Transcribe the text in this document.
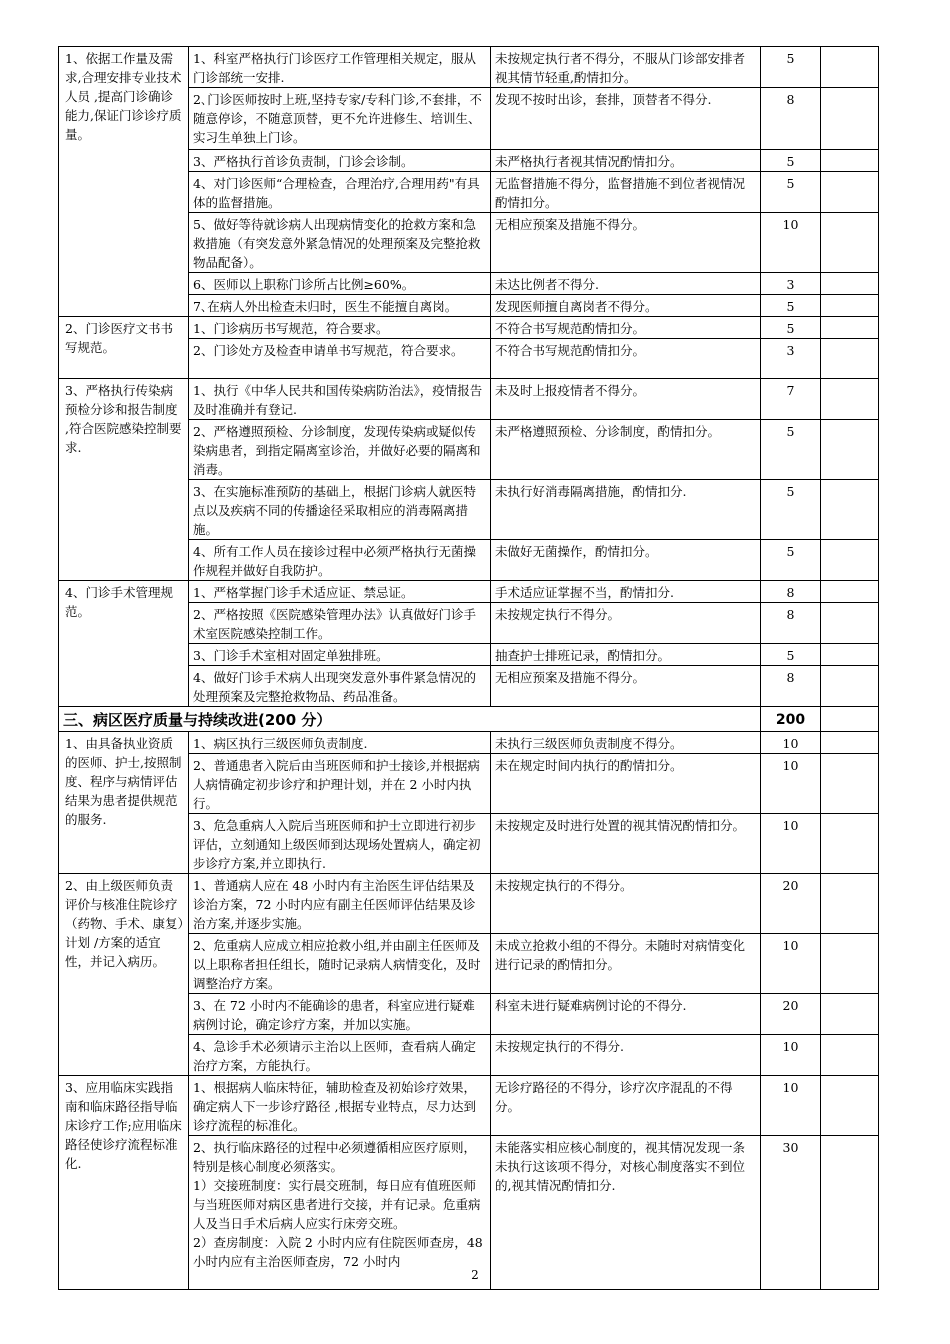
1、依据工作量及需求,合理安排专业技术人员 ,提高门诊确诊能力,保证门诊诊疗质量。	1、科室严格执行门诊医疗工作管理相关规定，服从门诊部统一安排.	未按规定执行者不得分，不服从门诊部安排者视其情节轻重,酌情扣分。	5	
	2､门诊医师按时上班,坚持专家/专科门诊,不套排，不随意停诊，不随意顶替，更不允许进修生、培训生、实习生单独上门诊。	发现不按时出诊，套排，顶替者不得分.	8	
	3、严格执行首诊负责制，门诊会诊制。	未严格执行者视其情况酌情扣分。	5	
	4、对门诊医师“合理检查，合理治疗,合理用药"有具体的监督措施。	无监督措施不得分，监督措施不到位者视情况酌情扣分。	5	
	5、做好等待就诊病人出现病情变化的抢救方案和急救措施（有突发意外紧急情况的处理预案及完整抢救物品配备）。	无相应预案及措施不得分。	10	
	6、医师以上职称门诊所占比例≥60%。	未达比例者不得分.	3	
	7､在病人外出检查未归时，医生不能擅自离岗。	发现医师擅自离岗者不得分。	5	
2、门诊医疗文书书写规范。	1、门诊病历书写规范，符合要求。	不符合书写规范酌情扣分。	5	
	2、门诊处方及检查申请单书写规范，符合要求。	不符合书写规范酌情扣分。	3	
3、严格执行传染病预检分诊和报告制度 ,符合医院感染控制要求.	1、执行《中华人民共和国传染病防治法》，疫情报告及时准确并有登记.	未及时上报疫情者不得分。	7	
	2、严格遵照预检、分诊制度，发现传染病或疑似传染病患者，到指定隔离室诊治，并做好必要的隔离和消毒。	未严格遵照预检、分诊制度，酌情扣分。	5	
	3、在实施标准预防的基础上，根据门诊病人就医特点以及疾病不同的传播途径采取相应的消毒隔离措施。	未执行好消毒隔离措施，酌情扣分.	5	
	4、所有工作人员在接诊过程中必须严格执行无菌操作规程并做好自我防护。	未做好无菌操作，酌情扣分。	5	
4、门诊手术管理规范。	1、严格掌握门诊手术适应证、禁忌证。	手术适应证掌握不当，酌情扣分.	8	
	2、严格按照《医院感染管理办法》认真做好门诊手术室医院感染控制工作。	未按规定执行不得分。	8	
	3、门诊手术室相对固定单独排班。	抽查护士排班记录，酌情扣分。	5	
	4、做好门诊手术病人出现突发意外事件紧急情况的处理预案及完整抢救物品、药品准备。	无相应预案及措施不得分。	8	
三、病区医疗质量与持续改进(200 分）			200	
1、由具备执业资质的医师、护士,按照制度、程序与病情评估结果为患者提供规范的服务.	1、病区执行三级医师负责制度.	未执行三级医师负责制度不得分。	10	
	2、普通患者入院后由当班医师和护士接诊,并根据病人病情确定初步诊疗和护理计划，并在 2 小时内执行。	未在规定时间内执行的酌情扣分。	10	
	3、危急重病人入院后当班医师和护士立即进行初步评估，立刻通知上级医师到达现场处置病人，确定初步诊疗方案,并立即执行.	未按规定及时进行处置的视其情况酌情扣分。	10	
2、由上级医师负责评价与核准住院诊疗（药物、手术、康复）计划 /方案的适宜性，并记入病历。	1、普通病人应在 48 小时内有主治医生评估结果及诊治方案，72 小时内应有副主任医师评估结果及诊治方案,并逐步实施。	未按规定执行的不得分。	20	
	2、危重病人应成立相应抢救小组,并由副主任医师及以上职称者担任组长，随时记录病人病情变化，及时调整治疗方案。	未成立抢救小组的不得分。未随时对病情变化进行记录的酌情扣分。	10	
	3、在 72 小时内不能确诊的患者，科室应进行疑难病例讨论，确定诊疗方案，并加以实施。	科室未进行疑难病例讨论的不得分.	20	
	4、急诊手术必须请示主治以上医师，查看病人确定治疗方案，方能执行。	未按规定执行的不得分.	10	
3、应用临床实践指南和临床路径指导临床诊疗工作;应用临床路径使诊疗流程标准化.	1、根据病人临床特征，辅助检查及初始诊疗效果，确定病人下一步诊疗路径 ,根据专业特点，尽力达到诊疗流程的标准化。	无诊疗路径的不得分，诊疗次序混乱的不得分。	10	

	2、执行临床路径的过程中必须遵循相应医疗原则，特别是核心制度必须落实。
1）交接班制度：实行晨交班制，每日应有值班医师与当班医师对病区患者进行交接，并有记录。危重病人及当日手术后病人应实行床旁交班。
2）查房制度：入院 2 小时内应有住院医师查房，48 小时内应有主治医师查房，72 小时内	未能落实相应核心制度的，视其情况发现一条未执行这该项不得分，对核心制度落实不到位的,视其情况酌情扣分.	30	
2
